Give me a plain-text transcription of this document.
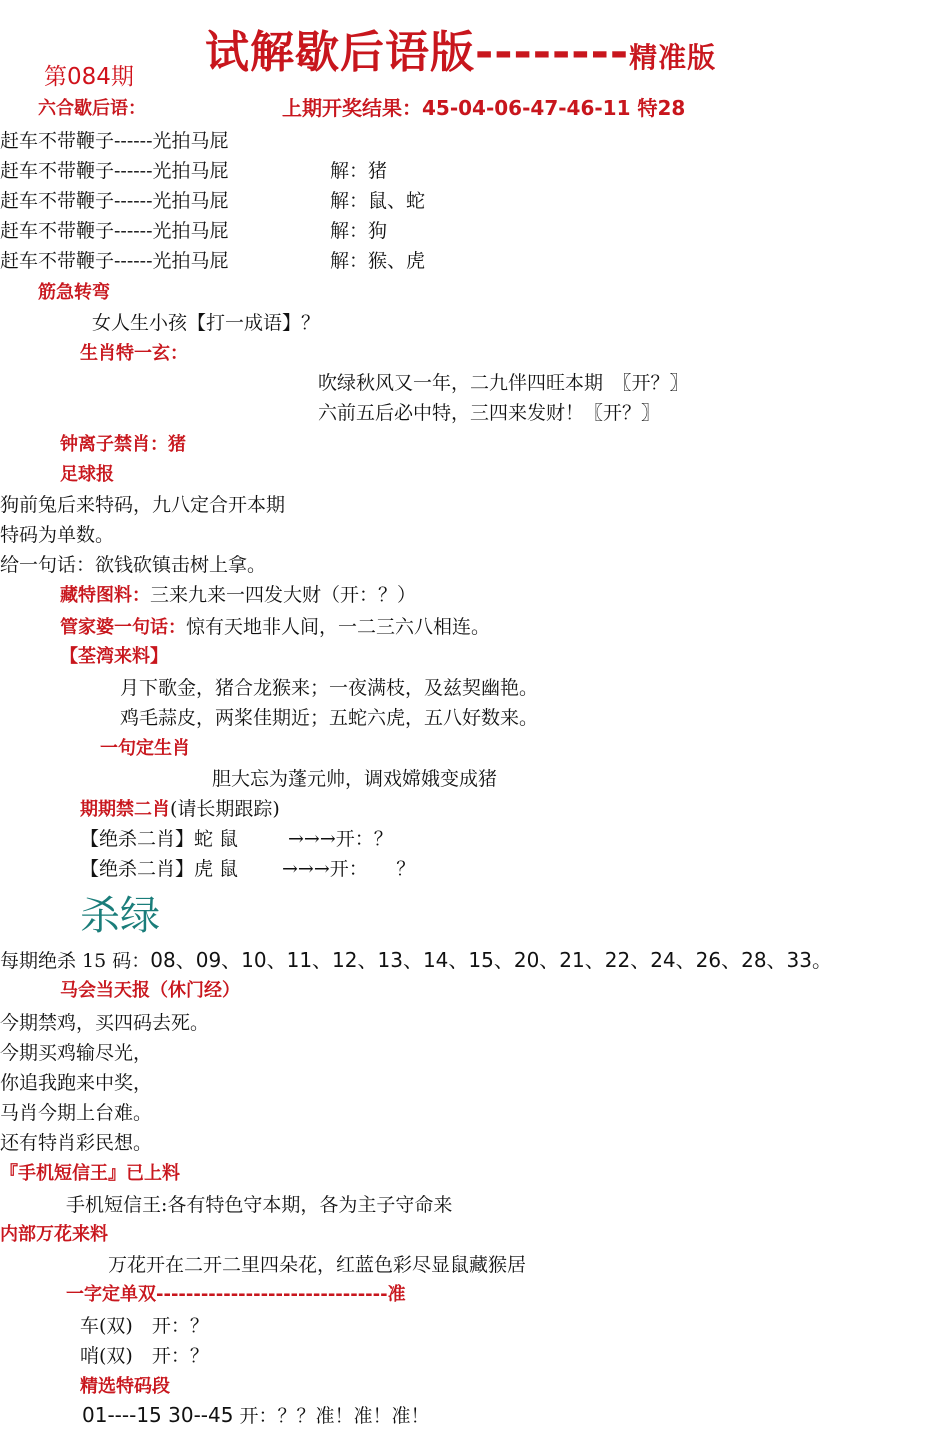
试解歇后语版--------精准版
第084期
上期开奖结果：45-04-06-47-46-11 特28
六合歇后语：
赶车不带鞭子------光拍马屁
赶车不带鞭子------光拍马屁	解：猪
赶车不带鞭子------光拍马屁	解：鼠、蛇
赶车不带鞭子------光拍马屁	解：狗
赶车不带鞭子------光拍马屁	解：猴、虎
筋急转弯
女人生小孩【打一成语】？
生肖特一玄：
吹绿秋风又一年，二九伴四旺本期　〖开？〗
六前五后必中特，三四来发财！〖开？〗
钟离子禁肖：猪
足球报
狗前兔后来特码，九八定合开本期
特码为单数。
给一句话：欲钱砍镇击树上拿。
藏特图料：三来九来一四发大财（开：？）
管家婆一句话：惊有天地非人间，一二三六八相连。
【荃湾来料】
月下歌金，猪合龙猴来；一夜满枝，及兹契幽艳。
鸡毛蒜皮，两桨佳期近；五蛇六虎，五八好数来。
一句定生肖
胆大忘为蓬元帅，调戏嫦娥变成猪
期期禁二肖(请长期跟踪)
【绝杀二肖】蛇 鼠	→→→开：？
【绝杀二肖】虎 鼠 →→→开：　　？
杀绿
每期绝杀 15 码：08、09、10、11、12、13、14、15、20、21、22、24、26、28、33。
马会当天报（休门经）
今期禁鸡，买四码去死。
今期买鸡输尽光，
你追我跑来中奖，
马肖今期上台难。
还有特肖彩民想。
『手机短信王』已上料
手机短信王:各有特色守本期，各为主子守命来
内部万花来料
万花开在二开二里四朵花，红蓝色彩尽显鼠藏猴居
一字定单双-------------------------------准
车(双)　开：？
哨(双)　开：？
精选特码段
01----15 30--45 开：？？准！准！准！
